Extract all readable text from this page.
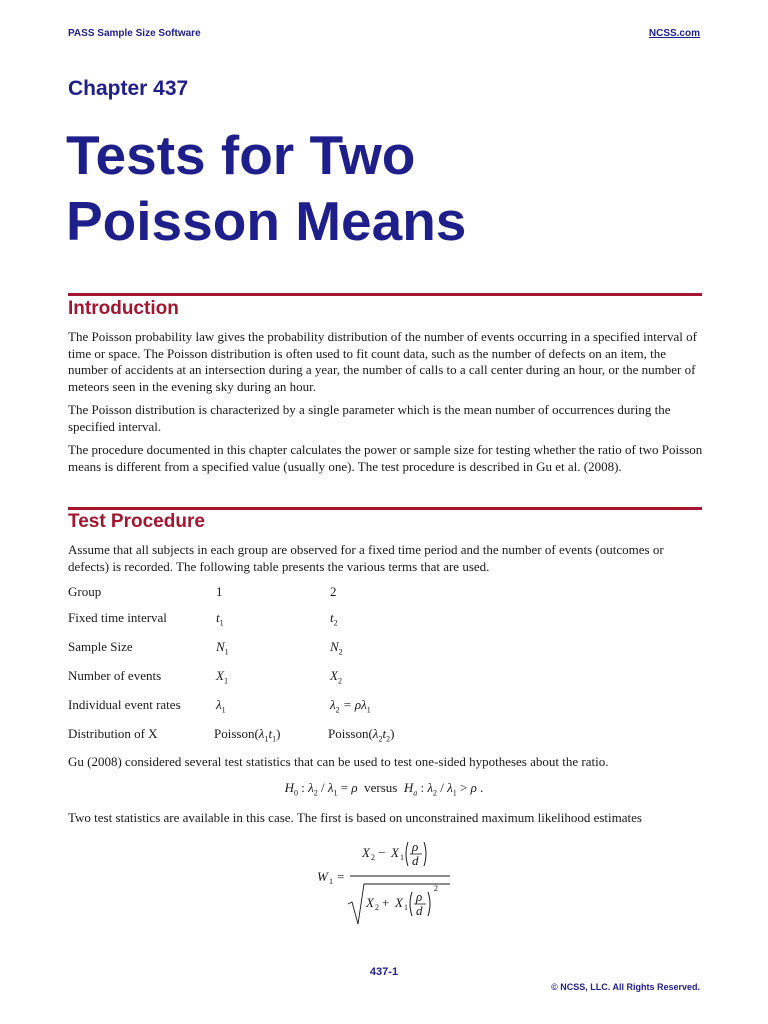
PASS Sample Size Software	NCSS.com
Chapter 437
Tests for Two
Poisson Means
Introduction

The Poisson probability law gives the probability distribution of the number of events occurring in a specified interval of time or space. The Poisson distribution is often used to fit count data, such as the number of defects on an item, the number of accidents at an intersection during a year, the number of calls to a call center during an hour, or the number of meteors seen in the evening sky during an hour.

The Poisson distribution is characterized by a single parameter which is the mean number of occurrences during the specified interval.

The procedure documented in this chapter calculates the power or sample size for testing whether the ratio of two Poisson means is different from a specified value (usually one). The test procedure is described in Gu et al. (2008).

Test Procedure

Assume that all subjects in each group are observed for a fixed time period and the number of events (outcomes or defects) is recorded. The following table presents the various terms that are used.

Group	1	2
Fixed time interval	$t_1$	$t_2$
Sample Size	$N_1$	$N_2$
Number of events	$X_1$	$X_2$
Individual event rates	$\lambda_1$	$\lambda_2 = \rho\lambda_1$
Distribution of X	$Poisson(\lambda_1t_1)$	$Poisson(\lambda_2t_2)$

Gu (2008) considered several test statistics that can be used to test one-sided hypotheses about the ratio.

$H_0$ : $\lambda_2 / \lambda_1 = \rho$ versus $H_a$ : $\lambda_2 / \lambda_1 > \rho$ .

Two test statistics are available in this case. The first is based on unconstrained maximum likelihood estimates

W 1 =
X 2 − X 1
ρ
d
X 2 + X 1
ρ
d
2
437-1
© NCSS, LLC. All Rights Reserved.
